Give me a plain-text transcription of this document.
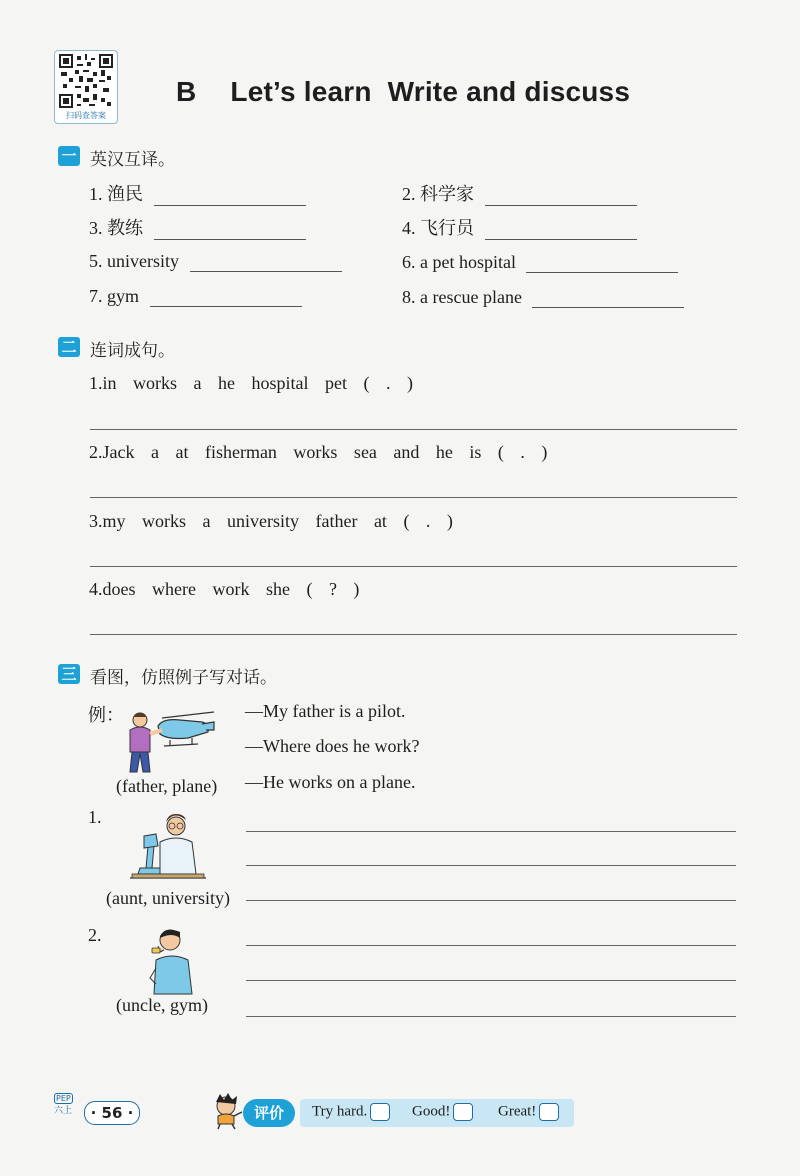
扫码查答案
B Let’s learn  Write and discuss
一 英汉互译。
1. 渔民	2. 科学家
3. 教练	4. 飞行员
5. university	6. a pet hospital
7. gym	8. a rescue plane
二 连词成句。
1.in works a he hospital pet ( . )
2.Jack a at fisherman works sea and he is ( . )
3.my works a university father at ( . )
4.does where work she ( ? )
三 看图，仿照例子写对话。
例：	—My father is a pilot.
—Where does he work?
—He works on a plane.
(father, plane)
1.
(aunt, university)
2.
(uncle, gym)
PEP
六上	· 56 ·	评价	Try hard.	Good!	Great!
